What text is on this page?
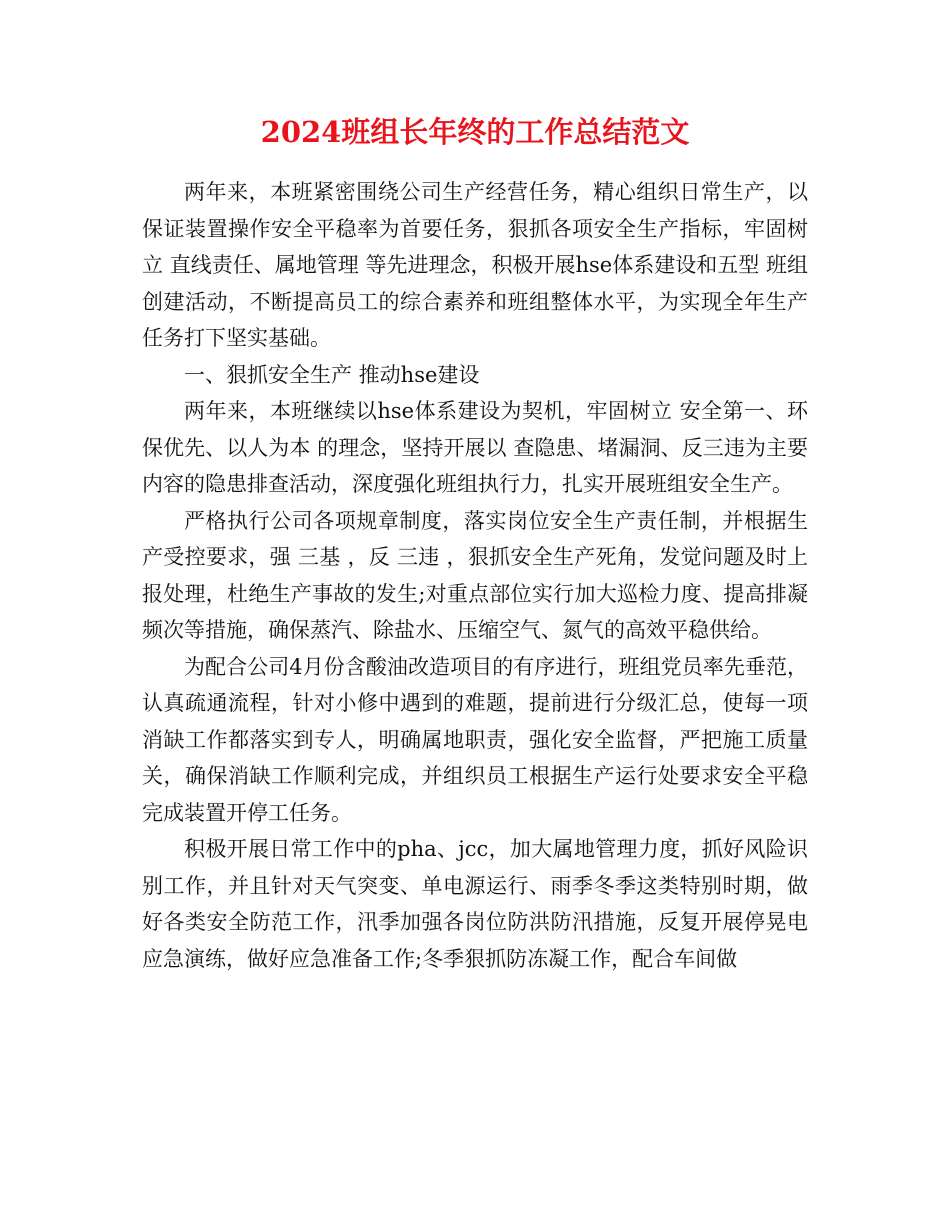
2024班组长年终的工作总结范文

两年来，本班紧密围绕公司生产经营任务，精心组织日常生产，以保证装置操作安全平稳率为首要任务，狠抓各项安全生产指标，牢固树立 直线责任、属地管理 等先进理念，积极开展hse体系建设和五型 班组创建活动，不断提高员工的综合素养和班组整体水平，为实现全年生产任务打下坚实基础。

一、狠抓安全生产 推动hse建设

两年来，本班继续以hse体系建设为契机，牢固树立 安全第一、环保优先、以人为本 的理念，坚持开展以 查隐患、堵漏洞、反三违为主要内容的隐患排查活动，深度强化班组执行力，扎实开展班组安全生产。

严格执行公司各项规章制度，落实岗位安全生产责任制，并根据生产受控要求，强 三基 ，反 三违 ，狠抓安全生产死角，发觉问题及时上报处理，杜绝生产事故的发生;对重点部位实行加大巡检力度、提高排凝频次等措施，确保蒸汽、除盐水、压缩空气、氮气的高效平稳供给。

为配合公司4月份含酸油改造项目的有序进行，班组党员率先垂范，认真疏通流程，针对小修中遇到的难题，提前进行分级汇总，使每一项消缺工作都落实到专人，明确属地职责，强化安全监督，严把施工质量关，确保消缺工作顺利完成，并组织员工根据生产运行处要求安全平稳完成装置开停工任务。

积极开展日常工作中的pha、jcc，加大属地管理力度，抓好风险识别工作，并且针对天气突变、单电源运行、雨季冬季这类特别时期，做好各类安全防范工作，汛季加强各岗位防洪防汛措施，反复开展停晃电应急演练，做好应急准备工作;冬季狠抓防冻凝工作，配合车间做
